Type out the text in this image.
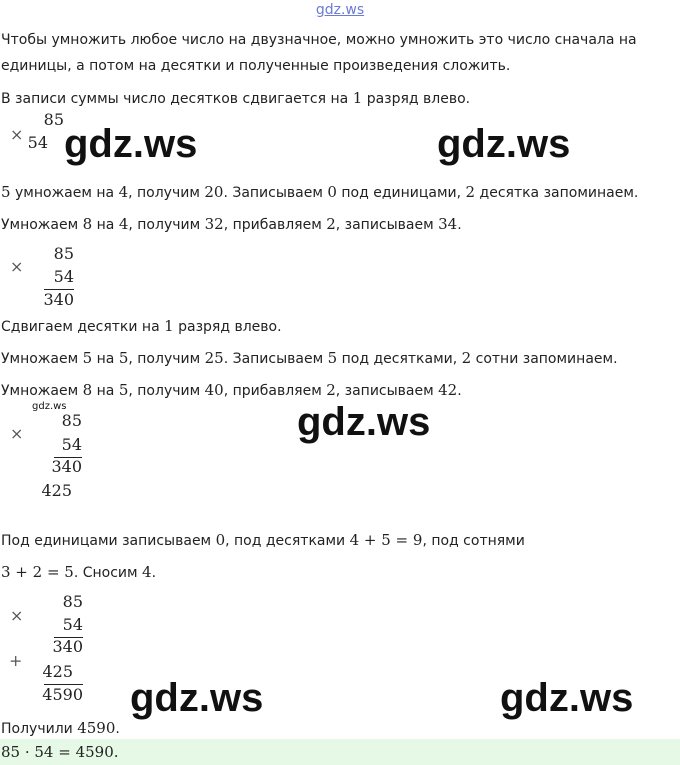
gdz.ws
Чтобы умножить любое число на двузначное, можно умножить это число сначала на
единицы, а потом на десятки и полученные произведения сложить.
В записи суммы число десятков сдвигается на 1 разряд влево.
×
85
54
5 умножаем на 4, получим 20. Записываем 0 под единицами, 2 десятка запоминаем.
Умножаем 8 на 4, получим 32, прибавляем 2, записываем 34.
×
85
54
340
Сдвигаем десятки на 1 разряд влево.
Умножаем 5 на 5, получим 25. Записываем 5 под десятками, 2 сотни запоминаем.
Умножаем 8 на 5, получим 40, прибавляем 2, записываем 42.
gdz.ws
×
85
54
340
425
Под единицами записываем 0, под десятками 4 + 5 = 9, под сотнями
3 + 2 = 5. Сносим 4.
×
85
54
340
+
425
4590
Получили 4590.
85 · 54 = 4590.
gdz.ws	gdz.ws
gdz.ws
gdz.ws	gdz.ws
